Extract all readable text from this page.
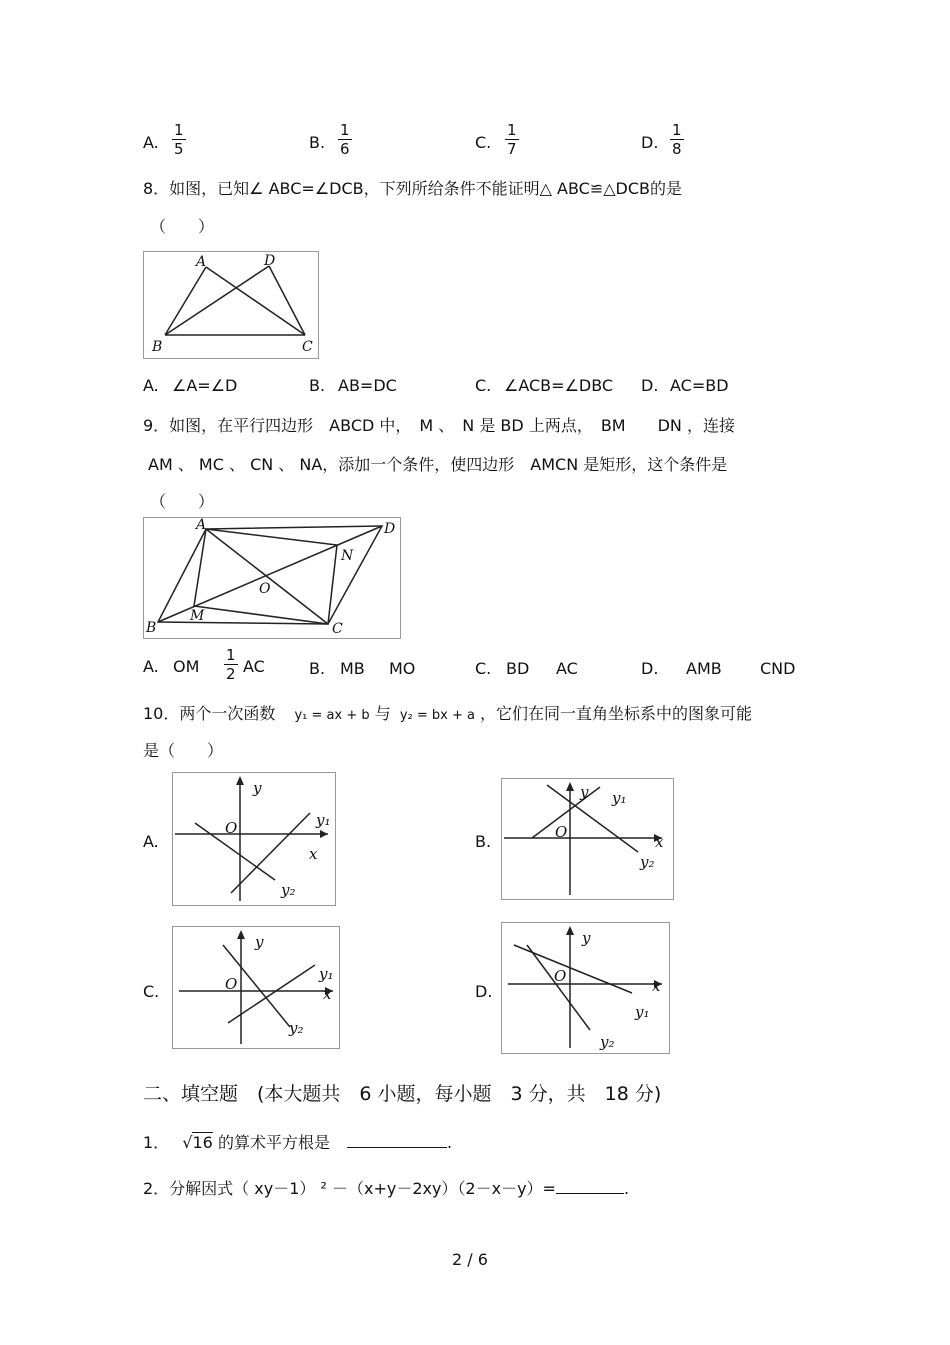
A. $\frac{1}{5}$	B. $\frac{1}{6}$	C. $\frac{1}{7}$	D. $\frac{1}{8}$
8．如图，已知∠ ABC=∠DCB，下列所给条件不能证明△ ABC≌△DCB的是
（　　）
A	D
B	C
A. ∠A=∠D	B. AB=DC	C. ∠ACB=∠DBC D. AC=BD
9．如图，在平行四边形　ABCD 中，　M 、　N 是 BD 上两点，　BM　　DN ，连接
AM 、 MC 、 CN 、 NA，添加一个条件，使四边形　AMCN 是矩形，这个条件是
（　　）
A	D
B	C
M
N
O
A. OM $\frac{1}{2}$ AC	B. MB MO	C. BD AC	D. AMB CND
10．两个一次函数 y₁ = ax + b 与 y₂ = bx + a ，它们在同一直角坐标系中的图象可能
是（　　）
A.
y
x
O	y₁
y₂
B.
y
x
O
y₁
y₂
C.
y
x
O
y₁
y₂
D.
y
x
O
y₁
y₂
二、填空题　(本大题共　6 小题，每小题　3 分，共　18 分)
1． √16 的算术平方根是	.
2．分解因式（ xy－1） ² －（x+y－2xy）（2－x－y）=	.
2 / 6
